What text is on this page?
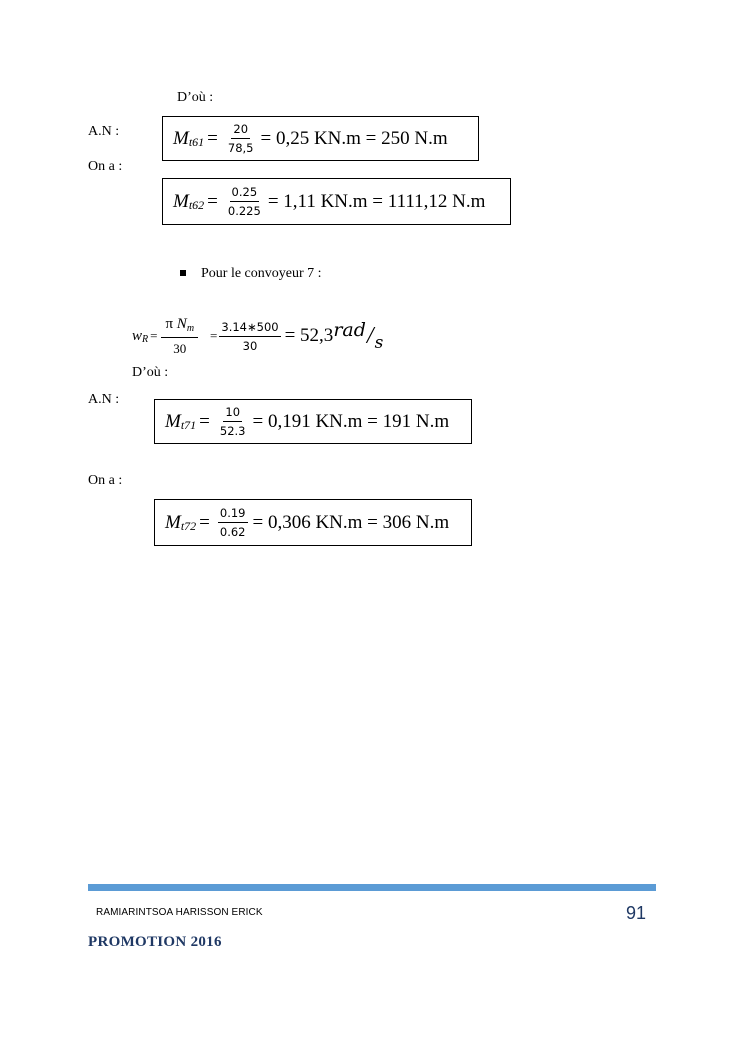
D’où :
A.N :	M $t61 = \frac{20}{78,5} = 0,25$ KN.m = 250 N.m
On a :
M $t62 = \frac{0.25}{0.225} = 1,11$ KN.m = 1111,12 N.m
Pour le convoyeur 7 :
w $R = \frac{\pi N_m}{30} = \frac{3.14∗500}{30} = 52,3$ rad / s
D’où :
A.N :
M $t71 = \frac{10}{52.3} = 0,191$ KN.m = 191 N.m
On a :
M $t72 = \frac{0.19}{0.62} = 0,306$ KN.m = 306 N.m
RAMIARINTSOA HARISSON ERICK	91
PROMOTION 2016
